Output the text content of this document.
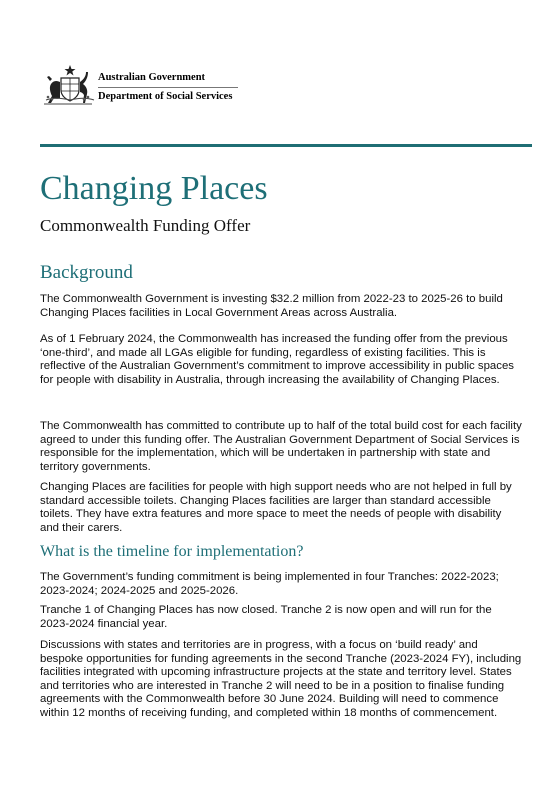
Australian Government
Department of Social Services
Changing Places
Commonwealth Funding Offer
Background

The Commonwealth Government is investing $32.2 million from 2022-23 to 2025-26 to build Changing Places facilities in Local Government Areas across Australia.

As of 1 February 2024, the Commonwealth has increased the funding offer from the previous ‘one-third’, and made all LGAs eligible for funding, regardless of existing facilities. This is reflective of the Australian Government’s commitment to improve accessibility in public spaces for people with disability in Australia, through increasing the availability of Changing Places.

The Commonwealth has committed to contribute up to half of the total build cost for each facility agreed to under this funding offer. The Australian Government Department of Social Services is responsible for the implementation, which will be undertaken in partnership with state and territory governments.

Changing Places are facilities for people with high support needs who are not helped in full by standard accessible toilets. Changing Places facilities are larger than standard accessible toilets. They have extra features and more space to meet the needs of people with disability and their carers.

What is the timeline for implementation?

The Government’s funding commitment is being implemented in four Tranches: 2022-2023; 2023-2024; 2024-2025 and 2025-2026.

Tranche 1 of Changing Places has now closed. Tranche 2 is now open and will run for the 2023-2024 financial year.

Discussions with states and territories are in progress, with a focus on ‘build ready’ and bespoke opportunities for funding agreements in the second Tranche (2023-2024 FY), including facilities integrated with upcoming infrastructure projects at the state and territory level. States and territories who are interested in Tranche 2 will need to be in a position to finalise funding agreements with the Commonwealth before 30 June 2024. Building will need to commence within 12 months of receiving funding, and completed within 18 months of commencement.
